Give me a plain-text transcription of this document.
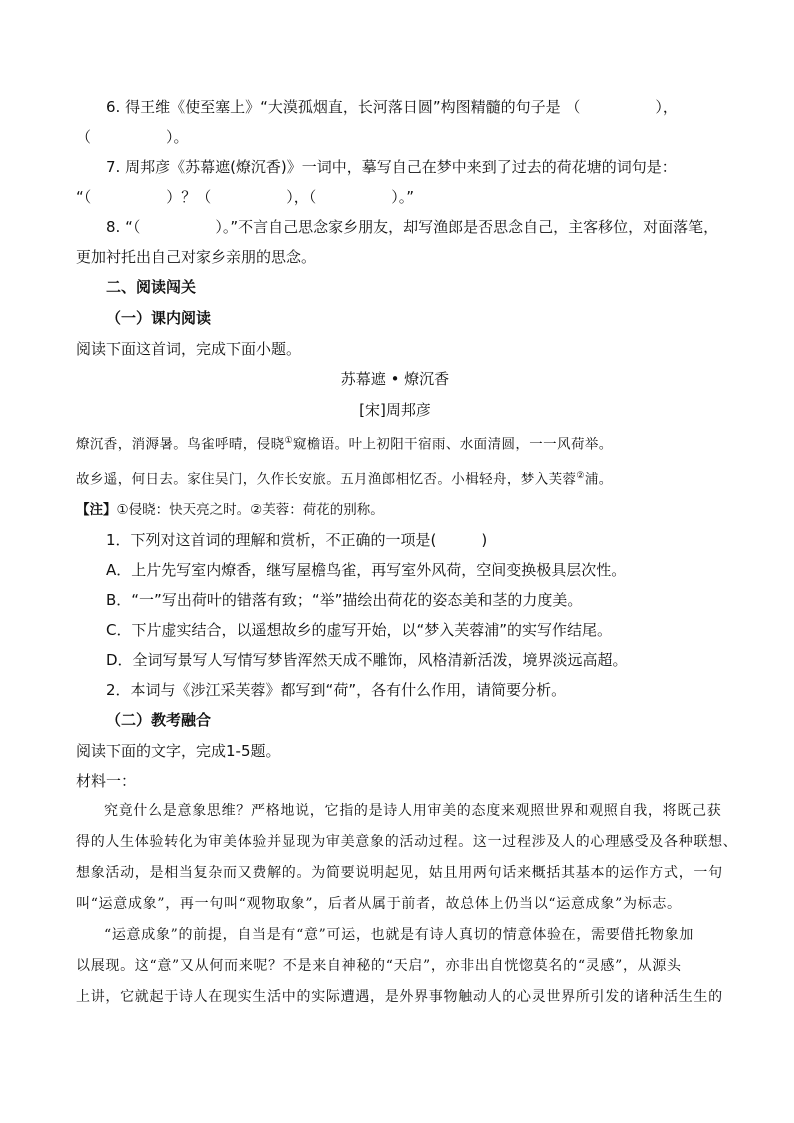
6. 得王维《使至塞上》“大漠孤烟直，长河落日圆”构图精髓的句子是 （　　　　　），

（　　　　　）。

7. 周邦彦《苏幕遮(燎沉香)》一词中，摹写自己在梦中来到了过去的荷花塘的词句是：

“（　　　　　）？（　　　　　），（　　　　　）。”

8. “（　　　　　）。”不言自己思念家乡朋友，却写渔郎是否思念自己，主客移位，对面落笔，

更加衬托出自己对家乡亲朋的思念。

二、阅读闯关

（一）课内阅读

阅读下面这首词，完成下面小题。

苏幕遮 • 燎沉香

[宋]周邦彦

燎沉香，消溽暑。鸟雀呼晴，侵晓①窥檐语。叶上初阳干宿雨、水面清圆，一一风荷举。

故乡遥，何日去。家住吴门，久作长安旅。五月渔郎相忆否。小楫轻舟，梦入芙蓉②浦。

【注】①侵晓：快天亮之时。②芙蓉：荷花的别称。

1．下列对这首词的理解和赏析，不正确的一项是(　　　)

A．上片先写室内燎香，继写屋檐鸟雀，再写室外风荷，空间变换极具层次性。

B．“一”写出荷叶的错落有致；“举”描绘出荷花的姿态美和茎的力度美。

C．下片虚实结合，以遥想故乡的虚写开始，以“梦入芙蓉浦”的实写作结尾。

D．全词写景写人写情写梦皆浑然天成不雕饰，风格清新活泼，境界淡远高超。

2．本词与《涉江采芙蓉》都写到“荷”，各有什么作用，请简要分析。

（二）教考融合

阅读下面的文字，完成1-5题。

材料一：

究竟什么是意象思维？严格地说，它指的是诗人用审美的态度来观照世界和观照自我，将既己获

得的人生体验转化为审美体验并显现为审美意象的活动过程。这一过程涉及人的心理感受及各种联想、

想象活动，是相当复杂而又费解的。为简要说明起见，姑且用两句话来概括其基本的运作方式，一句

叫“运意成象”，再一句叫“观物取象”，后者从属于前者，故总体上仍当以“运意成象”为标志。

“运意成象”的前提，自当是有“意”可运，也就是有诗人真切的情意体验在，需要借托物象加

以展现。这“意”又从何而来呢？不是来自神秘的“天启”，亦非出自恍惚莫名的“灵感”，从源头

上讲，它就起于诗人在现实生活中的实际遭遇，是外界事物触动人的心灵世界所引发的诸种活生生的
